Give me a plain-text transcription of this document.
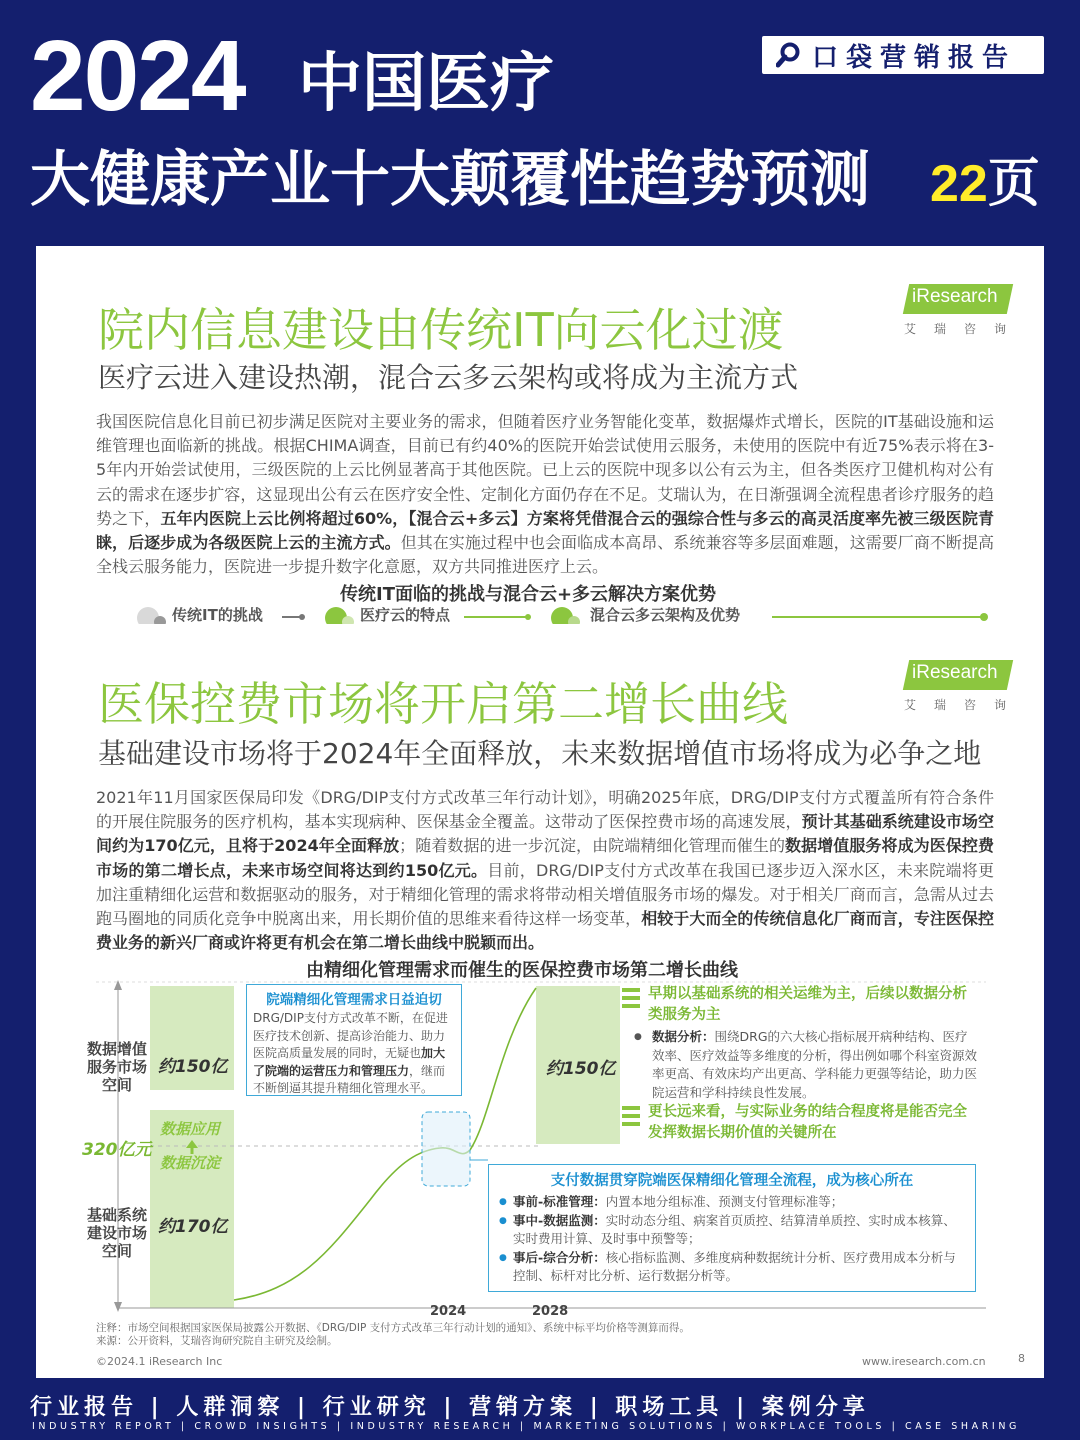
2024 中国医疗
大健康产业十大颠覆性趋势预测 22页
口袋营销报告
院内信息建设由传统IT向云化过渡
iResearch
艾瑞咨询
医疗云进入建设热潮，混合云多云架构或将成为主流方式
我国医院信息化目前已初步满足医院对主要业务的需求，但随着医疗业务智能化变革，数据爆炸式增长，医院的IT基础设施和运维管理也面临新的挑战。根据CHIMA调查，目前已有约40%的医院开始尝试使用云服务，未使用的医院中有近75%表示将在3-5年内开始尝试使用，三级医院的上云比例显著高于其他医院。已上云的医院中现多以公有云为主，但各类医疗卫健机构对公有云的需求在逐步扩容，这显现出公有云在医疗安全性、定制化方面仍存在不足。艾瑞认为，在日渐强调全流程患者诊疗服务的趋势之下，五年内医院上云比例将超过60%，【混合云+多云】方案将凭借混合云的强综合性与多云的高灵活度率先被三级医院青睐，后逐步成为各级医院上云的主流方式。但其在实施过程中也会面临成本高昂、系统兼容等多层面难题，这需要厂商不断提高全栈云服务能力，医院进一步提升数字化意愿，双方共同推进医疗上云。
传统IT面临的挑战与混合云+多云解决方案优势
医保控费市场将开启第二增长曲线
iResearch
艾瑞咨询
基础建设市场将于2024年全面释放，未来数据增值市场将成为必争之地
2021年11月国家医保局印发《DRG/DIP支付方式改革三年行动计划》，明确2025年底，DRG/DIP支付方式覆盖所有符合条件的开展住院服务的医疗机构，基本实现病种、医保基金全覆盖。这带动了医保控费市场的高速发展，预计其基础系统建设市场空间约为170亿元，且将于2024年全面释放；随着数据的进一步沉淀，由院端精细化管理而催生的数据增值服务将成为医保控费市场的第二增长点，未来市场空间将达到约150亿元。目前，DRG/DIP支付方式改革在我国已逐步迈入深水区，未来院端将更加注重精细化运营和数据驱动的服务，对于精细化管理的需求将带动相关增值服务市场的爆发。对于相关厂商而言，急需从过去跑马圈地的同质化竞争中脱离出来，用长期价值的思维来看待这样一场变革，相较于大而全的传统信息化厂商而言，专注医保控费业务的新兴厂商或许将更有机会在第二增长曲线中脱颖而出。
由精细化管理需求而催生的医保控费市场第二增长曲线
注释：市场空间根据国家医保局披露公开数据、《DRG/DIP 支付方式改革三年行动计划的通知》、系统中标平均价格等测算而得。
来源：公开资料，艾瑞咨询研究院自主研究及绘制。
©2024.1 iResearch Inc	www.iresearch.com.cn	8
传统IT的挑战	医疗云的特点	混合云多云架构及优势
数据增值服务市场空间
基础系统建设市场空间
320亿元
约150亿
约170亿
约150亿
数据应用
数据沉淀
院端精细化管理需求日益迫切
DRG/DIP支付方式改革不断，在促进医疗技术创新、提高诊治能力、助力医院高质量发展的同时，无疑也加大了院端的运营压力和管理压力，继而不断倒逼其提升精细化管理水平。
早期以基础系统的相关运维为主，后续以数据分析类服务为主
数据分析：围绕DRG的六大核心指标展开病种结构、医疗效率、医疗效益等多维度的分析，得出例如哪个科室资源效率更高、有效床均产出更高、学科能力更强等结论，助力医院运营和学科持续良性发展。
●
更长远来看，与实际业务的结合程度将是能否完全发挥数据长期价值的关键所在
支付数据贯穿院端医保精细化管理全流程，成为核心所在
● 事前-标准管理：内置本地分组标准、预测支付管理标准等；
● 事中-数据监测：实时动态分组、病案首页质控、结算清单质控、实时成本核算、实时费用计算、及时事中预警等；
● 事后-综合分析：核心指标监测、多维度病种数据统计分析、医疗费用成本分析与控制、标杆对比分析、运行数据分析等。
2024	2028
行业报告 | 人群洞察 | 行业研究 | 营销方案 | 职场工具 | 案例分享
INDUSTRY REPORT | CROWD INSIGHTS | INDUSTRY RESEARCH | MARKETING SOLUTIONS | WORKPLACE TOOLS | CASE SHARING
